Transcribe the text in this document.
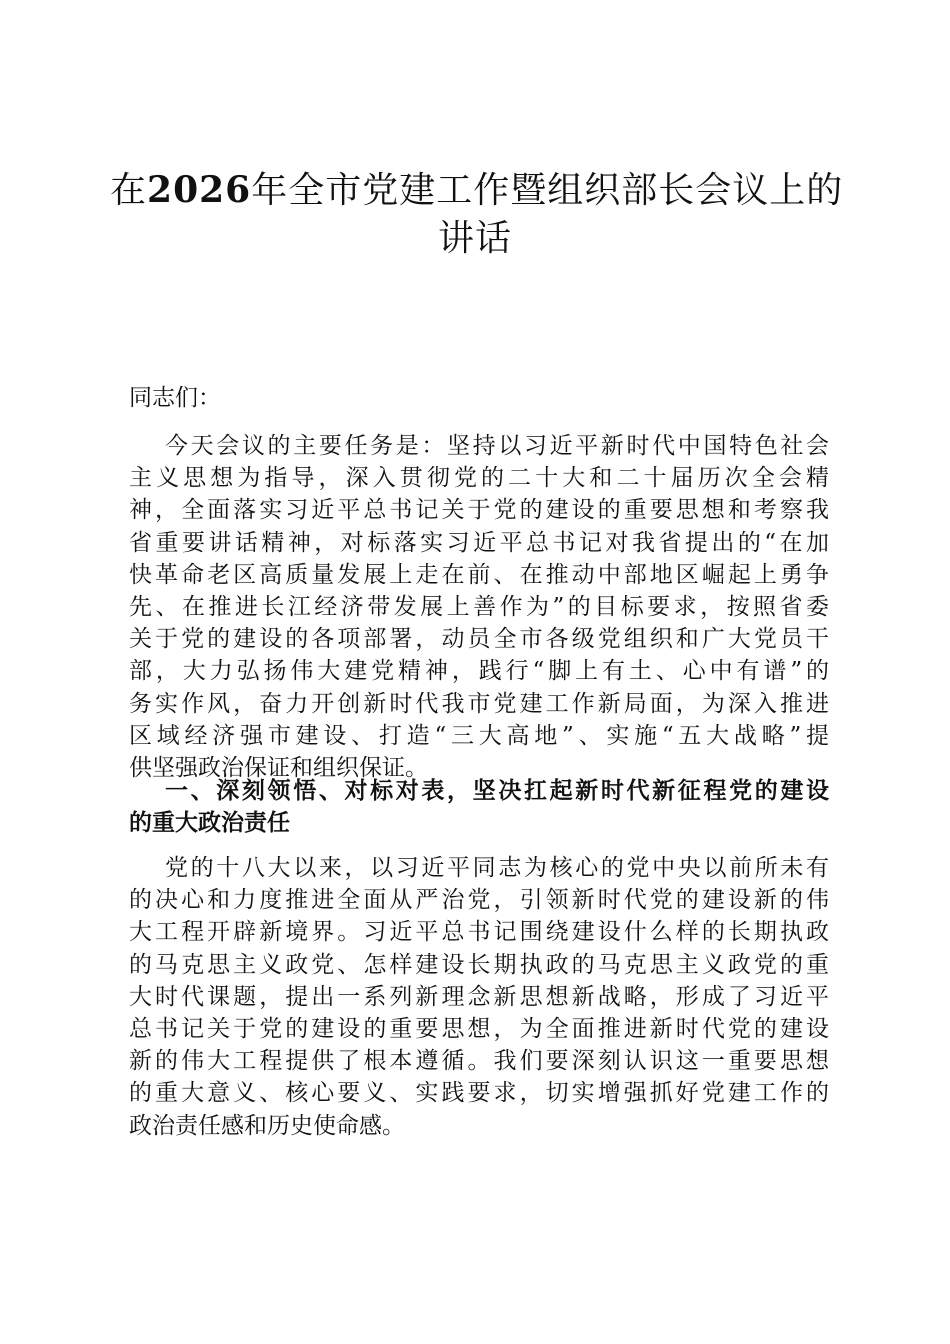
在2026年全市党建工作暨组织部长会议上的
讲话

同志们：

今天会议的主要任务是：坚持以习近平新时代中国特色社会
主义思想为指导，深入贯彻党的二十大和二十届历次全会精
神，全面落实习近平总书记关于党的建设的重要思想和考察我
省重要讲话精神，对标落实习近平总书记对我省提出的“在加
快革命老区高质量发展上走在前、在推动中部地区崛起上勇争
先、在推进长江经济带发展上善作为”的目标要求，按照省委
关于党的建设的各项部署，动员全市各级党组织和广大党员干
部，大力弘扬伟大建党精神，践行“脚上有土、心中有谱”的
务实作风，奋力开创新时代我市党建工作新局面，为深入推进
区域经济强市建设、打造“三大高地”、实施“五大战略”提
供坚强政治保证和组织保证。

一、深刻领悟、对标对表，坚决扛起新时代新征程党的建设
的重大政治责任

党的十八大以来，以习近平同志为核心的党中央以前所未有
的决心和力度推进全面从严治党，引领新时代党的建设新的伟
大工程开辟新境界。习近平总书记围绕建设什么样的长期执政
的马克思主义政党、怎样建设长期执政的马克思主义政党的重
大时代课题，提出一系列新理念新思想新战略，形成了习近平
总书记关于党的建设的重要思想，为全面推进新时代党的建设
新的伟大工程提供了根本遵循。我们要深刻认识这一重要思想
的重大意义、核心要义、实践要求，切实增强抓好党建工作的
政治责任感和历史使命感。
